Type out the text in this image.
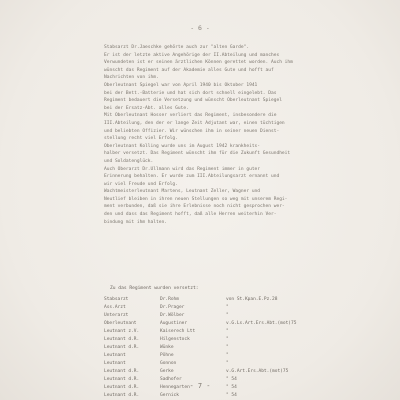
- 6 -

Stabsarzt Dr.Jaeschke gehörte auch zur "alten Garde".

Er ist der letzte aktive Angehörige der II.Abteilung und manches

Verwundeten ist er seinen ärztlichen Können gerettet worden. Auch ihm

wünscht das Regiment auf der Akademie alles Gute und hofft auf

Nachrichten von ihm.

Oberleutnant Spiegel war von April 1940 bis Oktober 1941

bei der Bett.-Batterie und hat sich dort schnell eingelebt. Das

Regiment bedauert die Versetzung und wünscht Oberleutnant Spiegel

bei der Ersatz-Abt. alles Gute.

Mit Oberleutnant Hosser verliert das Regiment, insbesondere die

III.Abteilung, den der er lange Zeit Adjutant war, einen tüchtigen

und beliebten Offizier. Wir wünschen ihm in seiner neuen Dienst-

stellung recht viel Erfolg.

Oberleutnant Kolling wurde uns im August 1942 krankheits-

halber versetzt. Das Regiment wünscht ihm für die Zukunft Gesundheit

und Soldatenglück.

Auch Oberarzt Dr.Ullmann wird das Regiment immer in guter

Erinnerung behalten. Er wurde zum III.Abteilungsarzt ernannt und

wir viel Freude und Erfolg.

Wachtmeisterleutnant Martens, Leutnant Zeller, Wagner und

Neutlief bleiben in ihren neuen Stellungen so weg mit unserem Regi-

ment verbunden, daß sie ihre Erlebnisse noch nicht gesprochen wer-

den und dass das Regiment hofft, daß alle Herren weiterhin Ver-

bindung mit ihm halten.

Zu das Regiment wurden versetzt:
Stabsarzt	Dr.Rohm	von St.Kpan.E.Pz.28
Ass.Arzt	Dr.Prager	"
Unterarzt	Dr.Wölber	"
Oberleutnant	Augustiner	v.G.Ls.Art.Ers.Abt.(mot)75
Leutnant z.V.	Kaiserech Ltt	"
Leutnant d.R.	Hilgenstock	"
Leutnant d.R.	Wünke	"
Leutnant	Pöhne	"
Leutnant	Gonnon	"
Leutnant d.R.	Gerke	v.G.Art.Ers.Abt.(mot)75
Leutnant d.R.	Sadhofer	" 54
Leutnant d.R.	Hennegarten	" 54
Leutnant d.R.	Gernick	" 54
- 7 -
